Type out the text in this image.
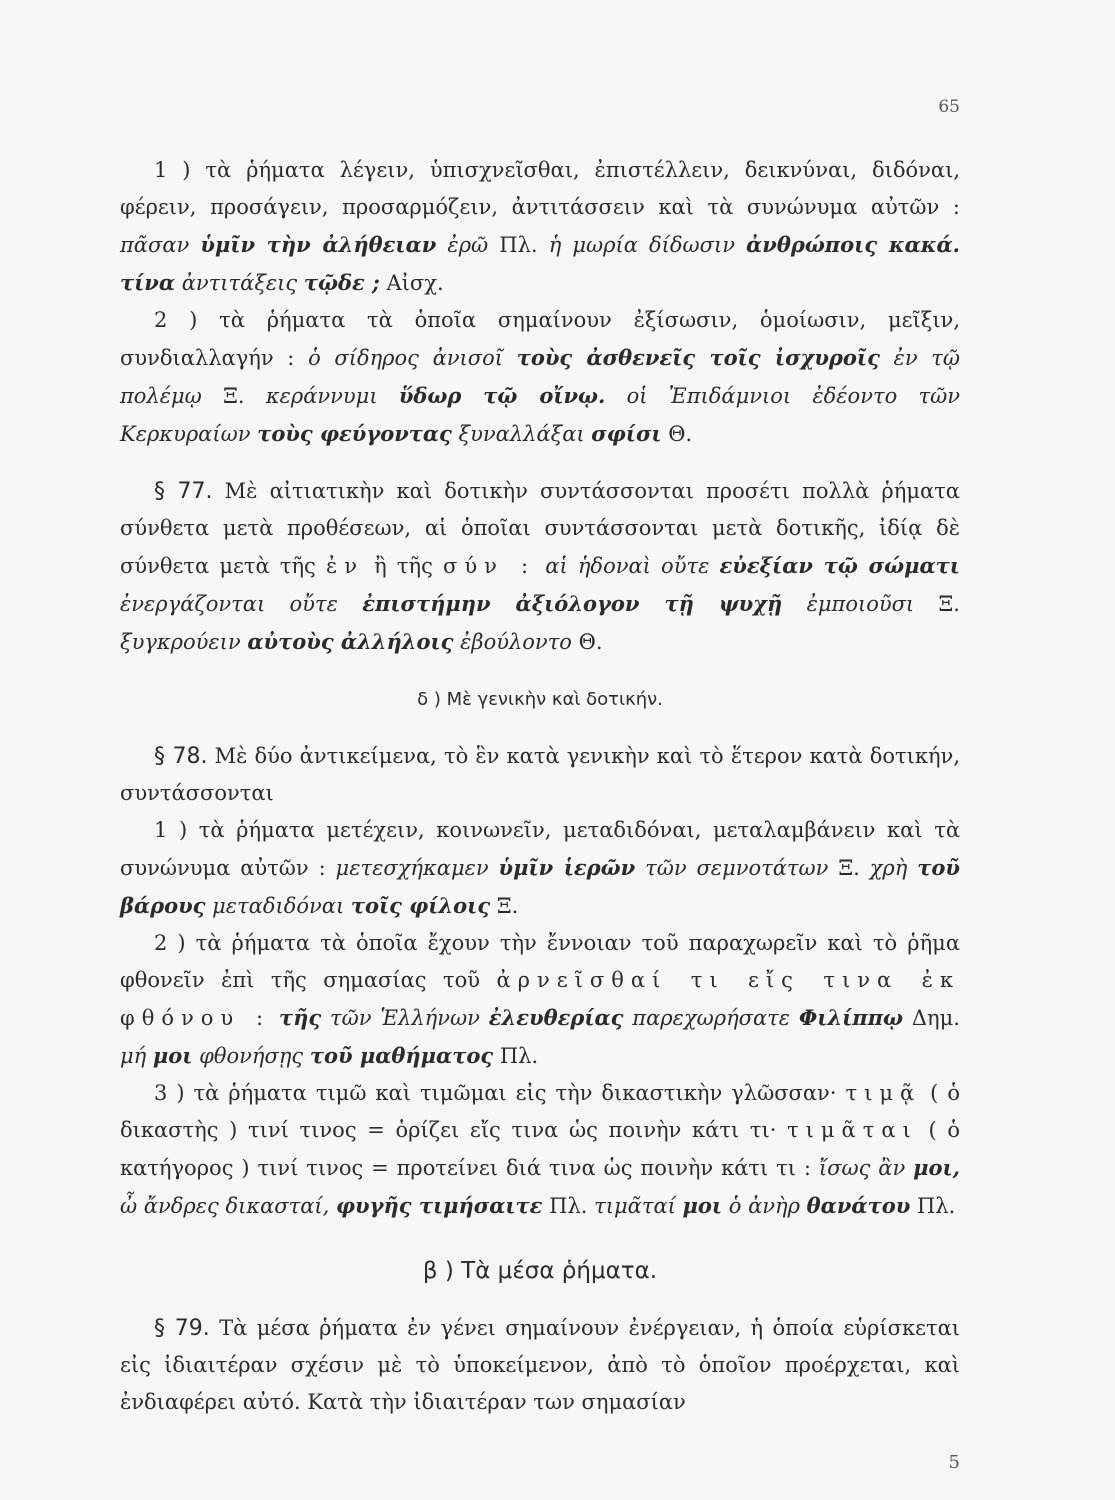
65

1 ) τὰ ῥήματα λέγειν, ὑπισχνεῖσθαι, ἐπιστέλλειν, δεικνύναι, διδόναι, φέρειν, προσάγειν, προσαρμόζειν, ἀντιτάσσειν καὶ τὰ συνώνυμα αὐτῶν : πᾶσαν ὑμῖν τὴν ἀλήθειαν ἐρῶ Πλ. ἡ μωρία δίδωσιν ἀνθρώποις κακά. τίνα ἀντιτάξεις τῷδε ; Αἰσχ.

2 ) τὰ ῥήματα τὰ ὁποῖα σημαίνουν ἐξίσωσιν, ὁμοίωσιν, μεῖξιν, συνδιαλλαγήν : ὁ σίδηρος ἀνισοῖ τοὺς ἀσθενεῖς τοῖς ἰσχυροῖς ἐν τῷ πολέμῳ Ξ. κεράννυμι ὕδωρ τῷ οἴνῳ. οἱ Ἐπιδάμνιοι ἐδέοντο τῶν Κερκυραίων τοὺς φεύγοντας ξυναλλάξαι σφίσι Θ.

§ 77. Μὲ αἰτιατικὴν καὶ δοτικὴν συντάσσονται προσέτι πολλὰ ῥήματα σύνθετα μετὰ προθέσεων, αἱ ὁποῖαι συντάσσονται μετὰ δοτικῆς, ἰδίᾳ δὲ σύνθετα μετὰ τῆς ἐν ἢ τῆς σύν : αἱ ἡδοναὶ οὔτε εὐεξίαν τῷ σώματι ἐνεργάζονται οὔτε ἐπιστήμην ἀξιόλογον τῇ ψυχῇ ἐμποιοῦσι Ξ. ξυγκρούειν αὐτοὺς ἀλλήλοις ἐβούλοντο Θ.

δ ) Μὲ γενικὴν καὶ δοτικήν.

§ 78. Μὲ δύο ἀντικείμενα, τὸ ἓν κατὰ γενικὴν καὶ τὸ ἕτερον κατὰ δοτικήν, συντάσσονται

1 ) τὰ ῥήματα μετέχειν, κοινωνεῖν, μεταδιδόναι, μεταλαμβάνειν καὶ τὰ συνώνυμα αὐτῶν : μετεσχήκαμεν ὑμῖν ἱερῶν τῶν σεμνοτάτων Ξ. χρὴ τοῦ βάρους μεταδιδόναι τοῖς φίλοις Ξ.

2 ) τὰ ῥήματα τὰ ὁποῖα ἔχουν τὴν ἔννοιαν τοῦ παραχωρεῖν καὶ τὸ ῥῆμα φθονεῖν ἐπὶ τῆς σημασίας τοῦ ἀρνεῖσθαί τι εἴς τινα ἐκ φθόνου : τῆς τῶν Ἑλλήνων ἐλευθερίας παρεχωρήσατε Φιλίππῳ Δημ. μή μοι φθονήσῃς τοῦ μαθήματος Πλ.

3 ) τὰ ῥήματα τιμῶ καὶ τιμῶμαι εἰς τὴν δικαστικὴν γλῶσσαν· τιμᾷ ( ὁ δικαστὴς ) τινί τινος = ὁρίζει εἴς τινα ὡς ποινὴν κάτι τι· τιμᾶται ( ὁ κατήγορος ) τινί τινος = προτείνει διά τινα ὡς ποινὴν κάτι τι : ἴσως ἂν μοι, ὦ ἄνδρες δικασταί, φυγῆς τιμήσαιτε Πλ. τιμᾶταί μοι ὁ ἀνὴρ θανάτου Πλ.

β ) Τὰ μέσα ῥήματα.

§ 79. Τὰ μέσα ῥήματα ἐν γένει σημαίνουν ἐνέργειαν, ἡ ὁποία εὑρίσκεται εἰς ἰδιαιτέραν σχέσιν μὲ τὸ ὑποκείμενον, ἀπὸ τὸ ὁποῖον προέρχεται, καὶ ἐνδιαφέρει αὐτό. Κατὰ τὴν ἰδιαιτέραν των σημασίαν

5
